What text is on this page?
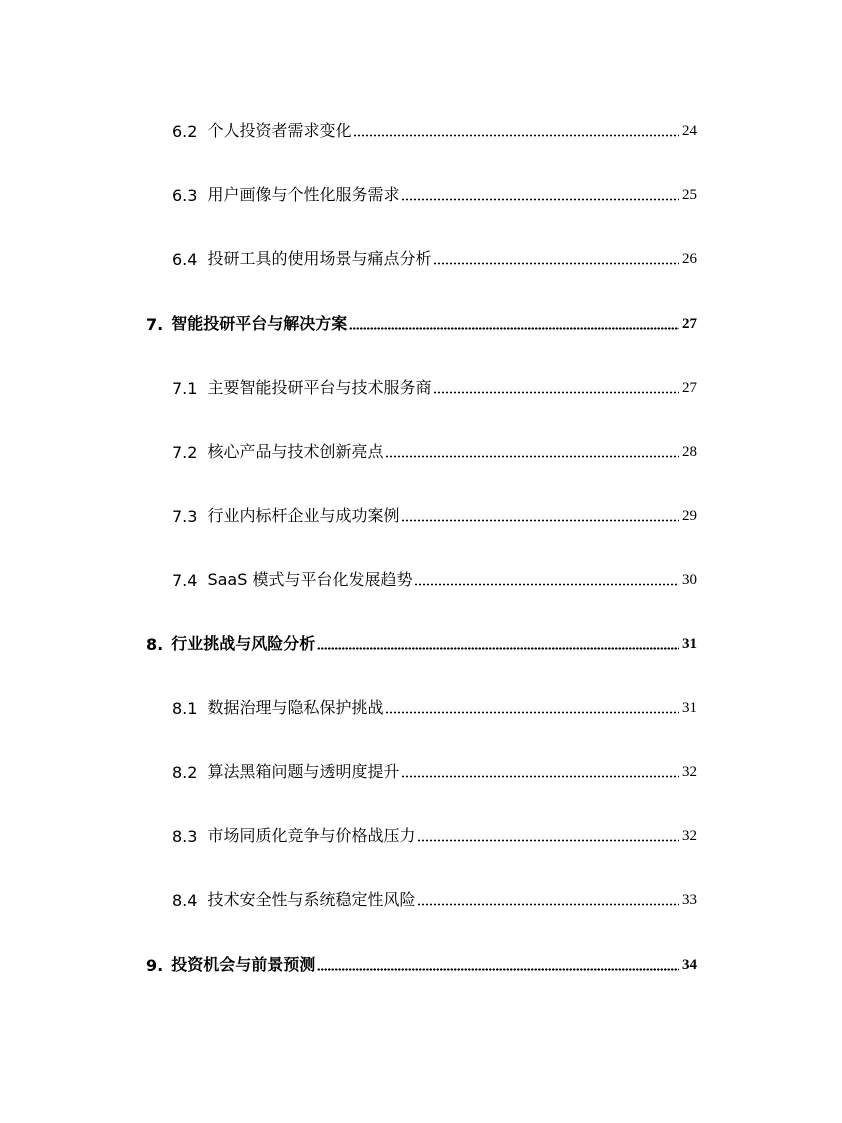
6.2 个人投资者需求变化	24
6.3 用户画像与个性化服务需求	25
6.4 投研工具的使用场景与痛点分析	26
7. 智能投研平台与解决方案	27
7.1 主要智能投研平台与技术服务商	27
7.2 核心产品与技术创新亮点	28
7.3 行业内标杆企业与成功案例	29
7.4 SaaS 模式与平台化发展趋势	30
8. 行业挑战与风险分析	31
8.1 数据治理与隐私保护挑战	31
8.2 算法黑箱问题与透明度提升	32
8.3 市场同质化竞争与价格战压力	32
8.4 技术安全性与系统稳定性风险	33
9. 投资机会与前景预测	34
